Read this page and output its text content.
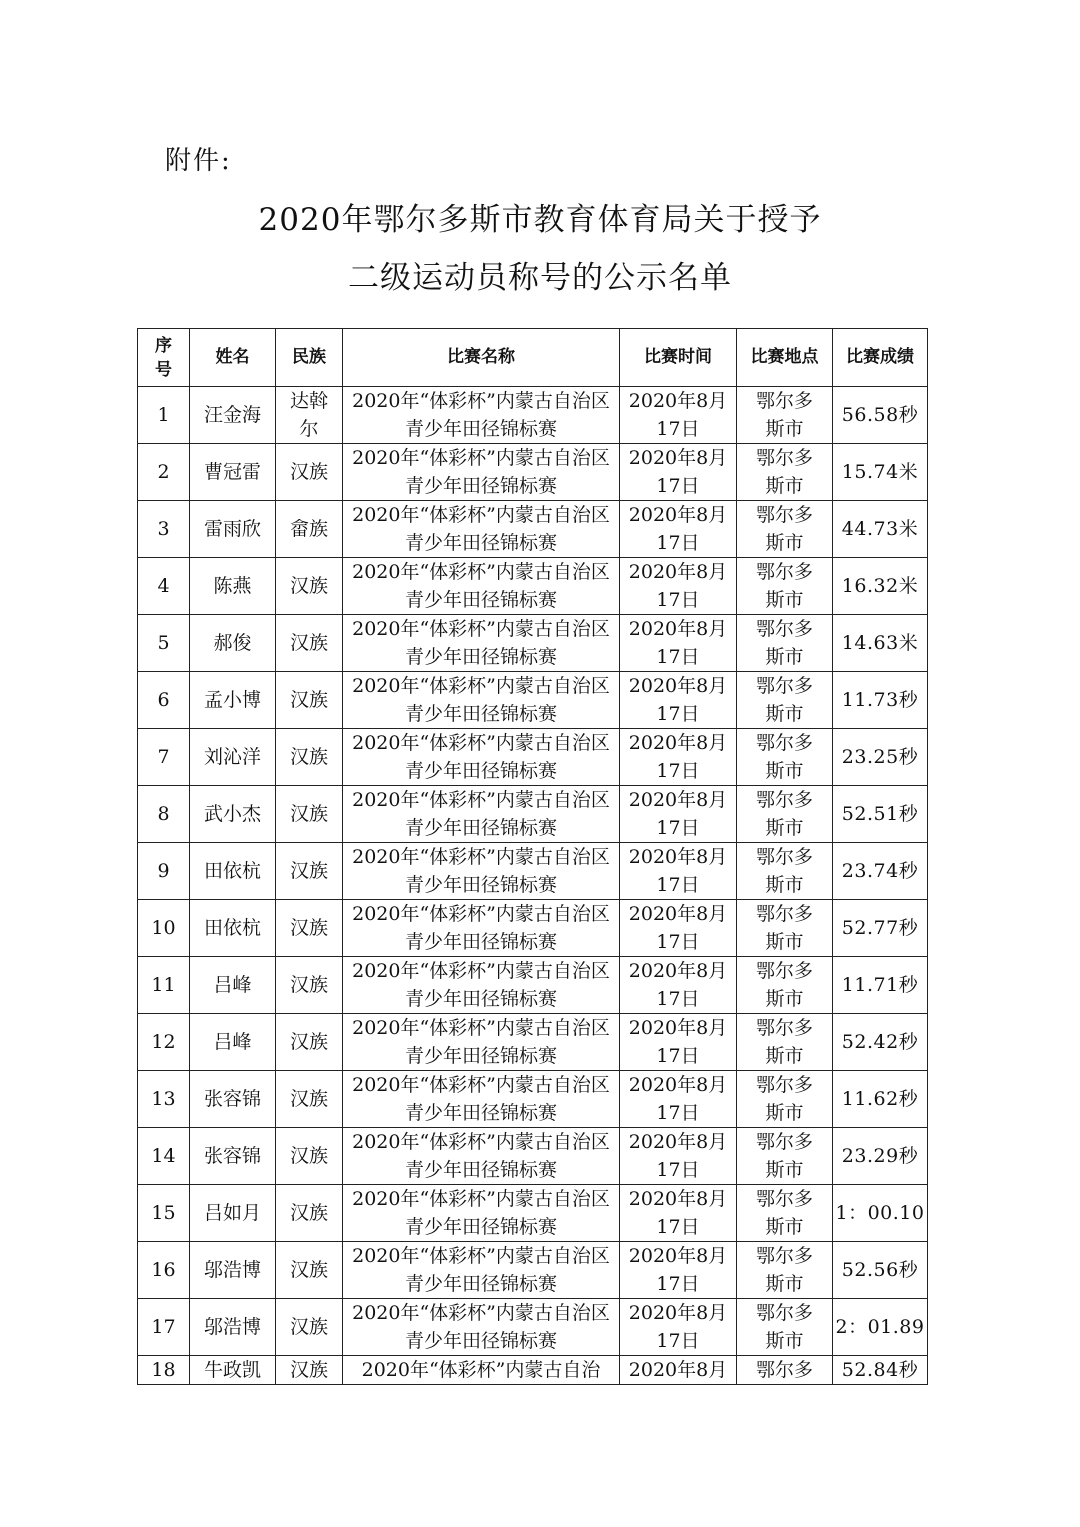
附件:
2020年鄂尔多斯市教育体育局关于授予
二级运动员称号的公示名单
序号	姓名	民族	比赛名称	比赛时间	比赛地点	比赛成绩
1	汪金海	达斡尔	2020年“体彩杯”内蒙古自治区青少年田径锦标赛	2020年8月17日	鄂尔多斯市	56.58秒
2	曹冠雷	汉族	2020年“体彩杯”内蒙古自治区青少年田径锦标赛	2020年8月17日	鄂尔多斯市	15.74米
3	雷雨欣	畲族	2020年“体彩杯”内蒙古自治区青少年田径锦标赛	2020年8月17日	鄂尔多斯市	44.73米
4	陈燕	汉族	2020年“体彩杯”内蒙古自治区青少年田径锦标赛	2020年8月17日	鄂尔多斯市	16.32米
5	郝俊	汉族	2020年“体彩杯”内蒙古自治区青少年田径锦标赛	2020年8月17日	鄂尔多斯市	14.63米
6	孟小博	汉族	2020年“体彩杯”内蒙古自治区青少年田径锦标赛	2020年8月17日	鄂尔多斯市	11.73秒
7	刘沁洋	汉族	2020年“体彩杯”内蒙古自治区青少年田径锦标赛	2020年8月17日	鄂尔多斯市	23.25秒
8	武小杰	汉族	2020年“体彩杯”内蒙古自治区青少年田径锦标赛	2020年8月17日	鄂尔多斯市	52.51秒
9	田依杭	汉族	2020年“体彩杯”内蒙古自治区青少年田径锦标赛	2020年8月17日	鄂尔多斯市	23.74秒
10	田依杭	汉族	2020年“体彩杯”内蒙古自治区青少年田径锦标赛	2020年8月17日	鄂尔多斯市	52.77秒
11	吕峰	汉族	2020年“体彩杯”内蒙古自治区青少年田径锦标赛	2020年8月17日	鄂尔多斯市	11.71秒
12	吕峰	汉族	2020年“体彩杯”内蒙古自治区青少年田径锦标赛	2020年8月17日	鄂尔多斯市	52.42秒
13	张容锦	汉族	2020年“体彩杯”内蒙古自治区青少年田径锦标赛	2020年8月17日	鄂尔多斯市	11.62秒
14	张容锦	汉族	2020年“体彩杯”内蒙古自治区青少年田径锦标赛	2020年8月17日	鄂尔多斯市	23.29秒
15	吕如月	汉族	2020年“体彩杯”内蒙古自治区青少年田径锦标赛	2020年8月17日	鄂尔多斯市	1：00.10
16	邬浩博	汉族	2020年“体彩杯”内蒙古自治区青少年田径锦标赛	2020年8月17日	鄂尔多斯市	52.56秒
17	邬浩博	汉族	2020年“体彩杯”内蒙古自治区青少年田径锦标赛	2020年8月17日	鄂尔多斯市	2：01.89
18	牛政凯	汉族	2020年“体彩杯”内蒙古自治	2020年8月	鄂尔多	52.84秒
